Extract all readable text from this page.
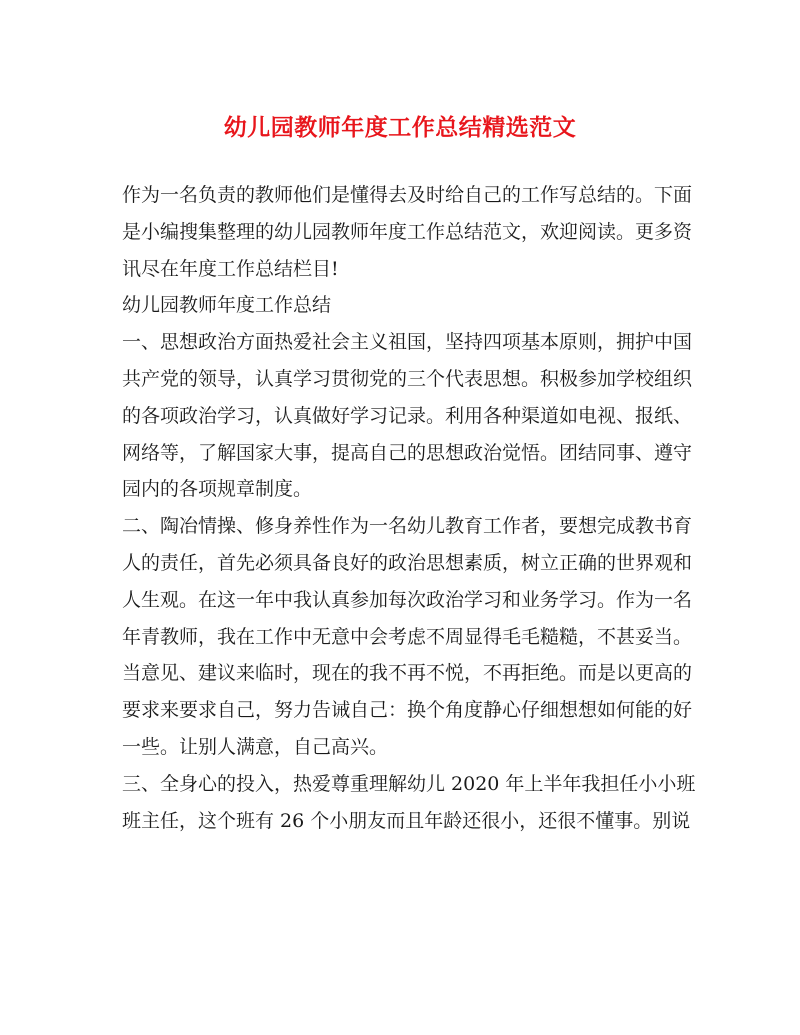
幼儿园教师年度工作总结精选范文

作为一名负责的教师他们是懂得去及时给自己的工作写总结的。下面
是小编搜集整理的幼儿园教师年度工作总结范文，欢迎阅读。更多资
讯尽在年度工作总结栏目!

幼儿园教师年度工作总结

一、思想政治方面热爱社会主义祖国，坚持四项基本原则，拥护中国
共产党的领导，认真学习贯彻党的三个代表思想。积极参加学校组织
的各项政治学习，认真做好学习记录。利用各种渠道如电视、报纸、
网络等，了解国家大事，提高自己的思想政治觉悟。团结同事、遵守
园内的各项规章制度。

二、陶冶情操、修身养性作为一名幼儿教育工作者，要想完成教书育
人的责任，首先必须具备良好的政治思想素质，树立正确的世界观和
人生观。在这一年中我认真参加每次政治学习和业务学习。作为一名
年青教师，我在工作中无意中会考虑不周显得毛毛糙糙，不甚妥当。
当意见、建议来临时，现在的我不再不悦，不再拒绝。而是以更高的
要求来要求自己，努力告诫自己：换个角度静心仔细想想如何能的好
一些。让别人满意，自己高兴。

三、全身心的投入，热爱尊重理解幼儿 2020 年上半年我担任小小班
班主任，这个班有 26 个小朋友而且年龄还很小，还很不懂事。别说
